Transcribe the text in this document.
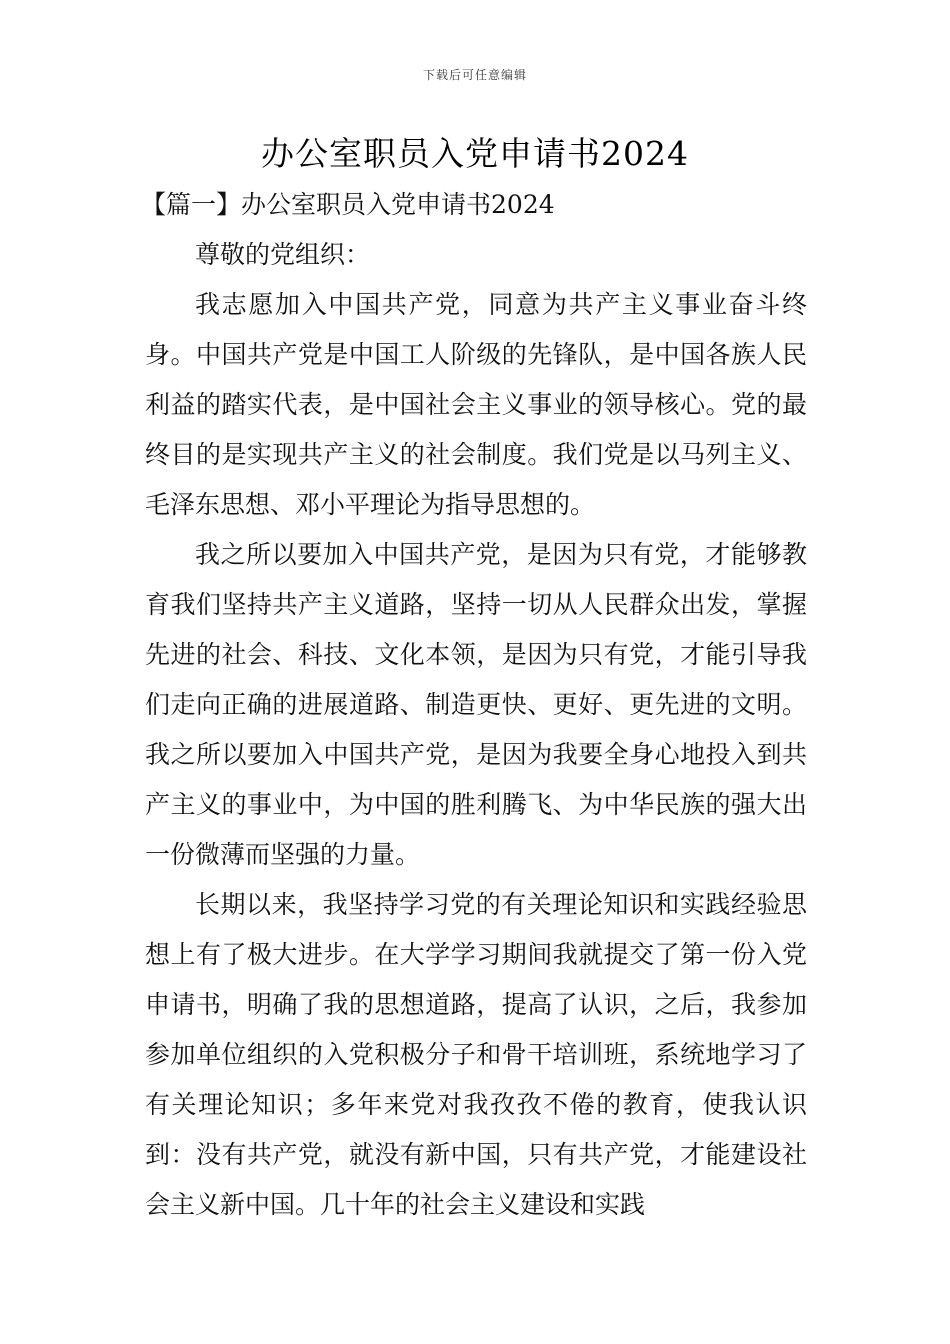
下载后可任意编辑
办公室职员入党申请书2024

【篇一】办公室职员入党申请书2024

尊敬的党组织：

我志愿加入中国共产党，同意为共产主义事业奋斗终身。中国共产党是中国工人阶级的先锋队，是中国各族人民利益的踏实代表，是中国社会主义事业的领导核心。党的最终目的是实现共产主义的社会制度。我们党是以马列主义、毛泽东思想、邓小平理论为指导思想的。

我之所以要加入中国共产党，是因为只有党，才能够教育我们坚持共产主义道路，坚持一切从人民群众出发，掌握先进的社会、科技、文化本领，是因为只有党，才能引导我们走向正确的进展道路、制造更快、更好、更先进的文明。我之所以要加入中国共产党，是因为我要全身心地投入到共产主义的事业中，为中国的胜利腾飞、为中华民族的强大出一份微薄而坚强的力量。

长期以来，我坚持学习党的有关理论知识和实践经验思想上有了极大进步。在大学学习期间我就提交了第一份入党申请书，明确了我的思想道路，提高了认识，之后，我参加参加单位组织的入党积极分子和骨干培训班，系统地学习了有关理论知识；多年来党对我孜孜不倦的教育，使我认识到：没有共产党，就没有新中国，只有共产党，才能建设社会主义新中国。几十年的社会主义建设和实践
